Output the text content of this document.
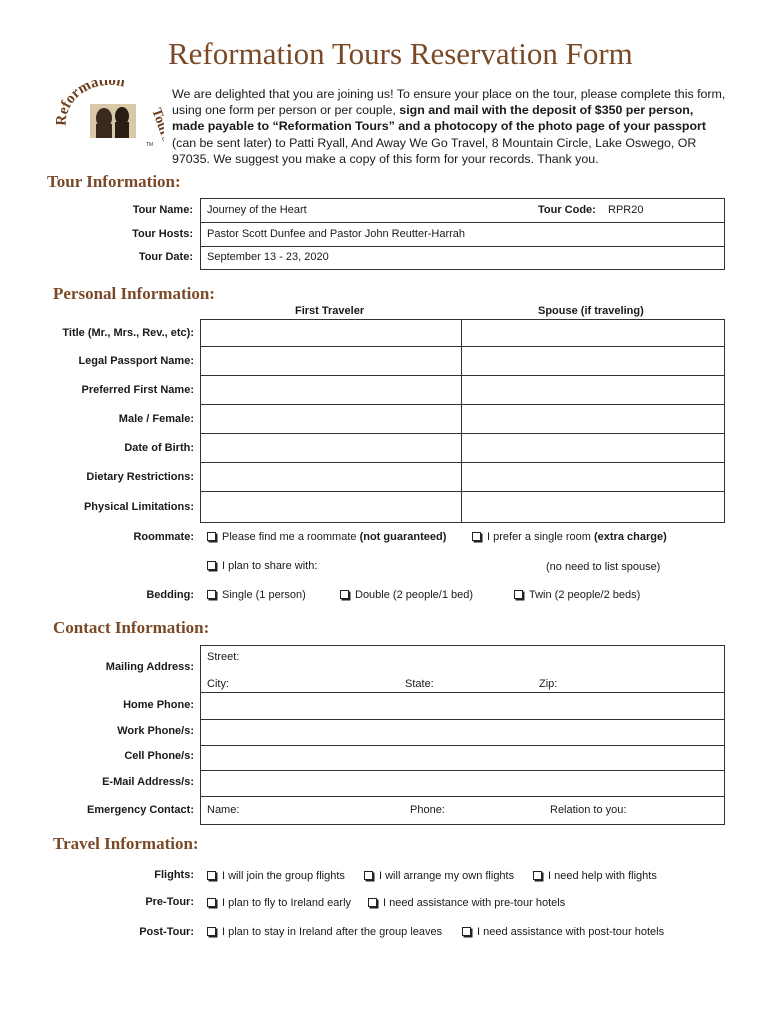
Reformation Tours Reservation Form
eformation
Tours
TM
We are delighted that you are joining us! To ensure your place on the tour, please complete this form, using one form per person or per couple, sign and mail with the deposit of $350 per person, made payable to “Reformation Tours” and a photocopy of the photo page of your passport (can be sent later) to Patti Ryall, And Away We Go Travel, 8 Mountain Circle, Lake Oswego, OR 97035. We suggest you make a copy of this form for your records. Thank you.
Tour Information:
Tour Name: Journey of the Heart	Tour Code: RPR20
Tour Hosts: Pastor Scott Dunfee and Pastor John Reutter-Harrah
Tour Date: September 13 - 23, 2020
Personal Information:
First Traveler	Spouse (if traveling)
Title (Mr., Mrs., Rev., etc):
Legal Passport Name:
Preferred First Name:
Male / Female:
Date of Birth:
Dietary Restrictions:
Physical Limitations:
Roommate:	Please find me a roommate (not guaranteed)	I prefer a single room (extra charge)
I plan to share with:	(no need to list spouse)
Bedding:	Single (1 person)	Double (2 people/1 bed)	Twin (2 people/2 beds)
Contact Information:
Mailing Address:
Street:
City:	State:	Zip:
Home Phone:
Work Phone/s:
Cell Phone/s:
E-Mail Address/s:
Emergency Contact: Name:	Phone:	Relation to you:
Travel Information:
Flights:	I will join the group flights	I will arrange my own flights	I need help with flights
Pre-Tour:	I plan to fly to Ireland early	I need assistance with pre-tour hotels
Post-Tour:	I plan to stay in Ireland after the group leaves	I need assistance with post-tour hotels
